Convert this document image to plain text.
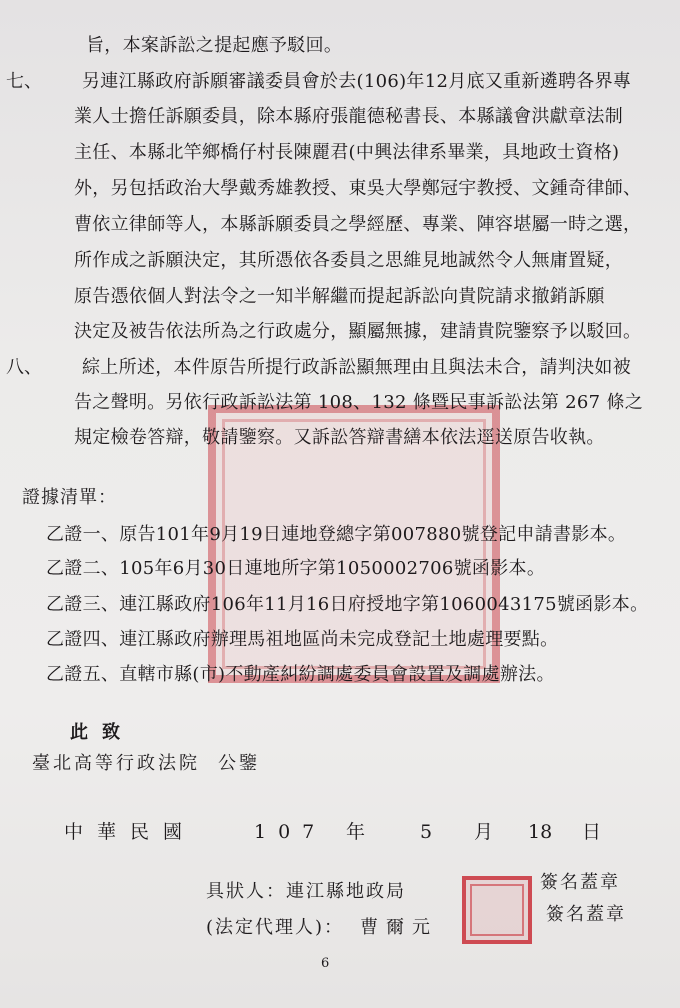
旨，本案訴訟之提起應予駁回。
七、 另連江縣政府訴願審議委員會於去(106)年12月底又重新遴聘各界專
業人士擔任訴願委員，除本縣府張龍德秘書長、本縣議會洪獻章法制
主任、本縣北竿鄉橋仔村長陳麗君(中興法律系畢業，具地政士資格)
外，另包括政治大學戴秀雄教授、東吳大學鄭冠宇教授、文鍾奇律師、
曹依立律師等人，本縣訴願委員之學經歷、專業、陣容堪屬一時之選，
所作成之訴願決定，其所憑依各委員之思維見地誠然令人無庸置疑，
原告憑依個人對法令之一知半解繼而提起訴訟向貴院請求撤銷訴願
決定及被告依法所為之行政處分，顯屬無據，建請貴院鑒察予以駁回。
八、 綜上所述，本件原告所提行政訴訟顯無理由且與法未合，請判決如被
告之聲明。另依行政訴訟法第 108、132 條暨民事訴訟法第 267 條之
規定檢卷答辯，敬請鑒察。又訴訟答辯書繕本依法逕送原告收執。
證據清單：
乙證一、原告101年9月19日連地登總字第007880號登記申請書影本。
乙證二、105年6月30日連地所字第1050002706號函影本。
乙證三、連江縣政府106年11月16日府授地字第1060043175號函影本。
乙證四、連江縣政府辦理馬祖地區尚未完成登記土地處理要點。
乙證五、直轄市縣(市)不動產糾紛調處委員會設置及調處辦法。
此致
臺北高等行政法院 公鑒
中華民國	107 年	5 月 18 日
具狀人：連江縣地政局
(法定代理人)： 曹爾元
簽名蓋章
簽名蓋章
6
